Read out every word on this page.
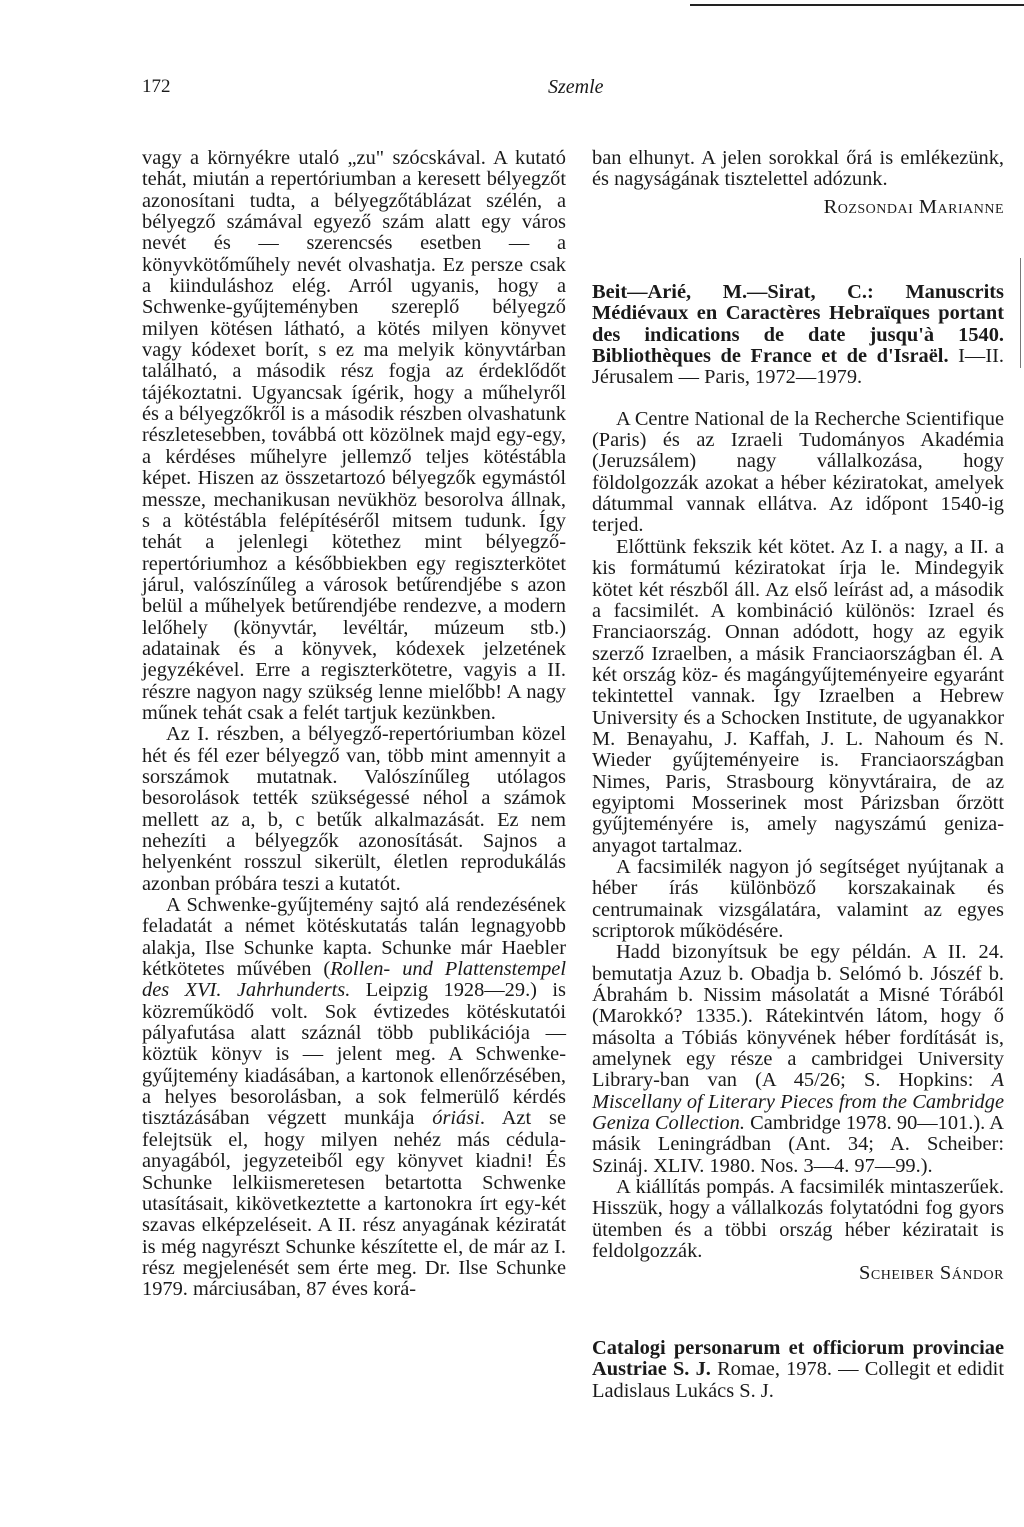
172	Szemle

vagy a környékre utaló „zu" szócskával. A kutató tehát, miután a repertóriumban a keresett bélyegzőt azonosítani tudta, a bélyegzőtáblázat szélén, a bélyegző számával egyező szám alatt egy város nevét és — szerencsés esetben — a könyvkötőműhely nevét olvashatja. Ez persze csak a kiinduláshoz elég. Arról ugyanis, hogy a Schwenke-gyűjteményben szereplő bélyegző milyen kötésen látható, a kötés milyen könyvet vagy kódexet borít, s ez ma melyik könyvtárban található, a második rész fogja az érdeklődőt tájékoztatni. Ugyancsak ígérik, hogy a műhelyről és a bélyegzőkről is a második részben olvashatunk részletesebben, továbbá ott közölnek majd egy-egy, a kérdéses műhelyre jellemző teljes kötéstábla képet. Hiszen az összetartozó bélyegzők egymástól messze, mechanikusan nevükhöz besorolva állnak, s a kötéstábla felépítéséről mitsem tudunk. Így tehát a jelenlegi kötethez mint bélyegző-repertóriumhoz a későbbiekben egy regiszterkötet járul, valószínűleg a városok betűrendjébe s azon belül a műhelyek betűrendjébe rendezve, a modern lelőhely (könyvtár, levéltár, múzeum stb.) adatainak és a könyvek, kódexek jelzetének jegyzékével. Erre a regiszterkötetre, vagyis a II. részre nagyon nagy szükség lenne mielőbb! A nagy műnek tehát csak a felét tartjuk kezünkben.

Az I. részben, a bélyegző-repertóriumban közel hét és fél ezer bélyegző van, több mint amennyit a sorszámok mutatnak. Valószínűleg utólagos besorolások tették szükségessé néhol a számok mellett az a, b, c betűk alkalmazását. Ez nem nehezíti a bélyegzők azonosítását. Sajnos a helyenként rosszul sikerült, életlen reprodukálás azonban próbára teszi a kutatót.

A Schwenke-gyűjtemény sajtó alá rendezésének feladatát a német kötéskutatás talán legnagyobb alakja, Ilse Schunke kapta. Schunke már Haebler kétkötetes művében (Rollen- und Plattenstempel des XVI. Jahrhunderts. Leipzig 1928—29.) is közreműködő volt. Sok évtizedes kötéskutatói pályafutása alatt száznál több publikációja — köztük könyv is — jelent meg. A Schwenke-gyűjtemény kiadásában, a kartonok ellenőrzésében, a helyes besorolásban, a sok felmerülő kérdés tisztázásában végzett munkája óriási. Azt se felejtsük el, hogy milyen nehéz más cédula-anyagából, jegyzeteiből egy könyvet kiadni! És Schunke lelkiismeretesen betartotta Schwenke utasításait, kikövetkeztette a kartonokra írt egy-két szavas elképzeléseit. A II. rész anyagának kéziratát is még nagyrészt Schunke készítette el, de már az I. rész megjelenését sem érte meg. Dr. Ilse Schunke 1979. márciusában, 87 éves korá-

ban elhunyt. A jelen sorokkal őrá is emlékezünk, és nagyságának tisztelettel adózunk.

Rozsondai Marianne

Beit—Arié, M.—Sirat, C.: Manuscrits Médiévaux en Caractères Hebraïques portant des indications de date jusqu'à 1540. Bibliothèques de France et de d'Israël. I—II. Jérusalem — Paris, 1972—1979.

A Centre National de la Recherche Scientifique (Paris) és az Izraeli Tudományos Akadémia (Jeruzsálem) nagy vállalkozása, hogy földolgozzák azokat a héber kéziratokat, amelyek dátummal vannak ellátva. Az időpont 1540-ig terjed.

Előttünk fekszik két kötet. Az I. a nagy, a II. a kis formátumú kéziratokat írja le. Mindegyik kötet két részből áll. Az első leírást ad, a második a facsimilét. A kombináció különös: Izrael és Franciaország. Onnan adódott, hogy az egyik szerző Izraelben, a másik Franciaországban él. A két ország köz- és magángyűjteményeire egyaránt tekintettel vannak. Így Izraelben a Hebrew University és a Schocken Institute, de ugyanakkor M. Benayahu, J. Kaffah, J. L. Nahoum és N. Wieder gyűjteményeire is. Franciaországban Nimes, Paris, Strasbourg könyvtáraira, de az egyiptomi Mosserinek most Párizsban őrzött gyűjteményére is, amely nagyszámú geniza-anyagot tartalmaz.

A facsimilék nagyon jó segítséget nyújtanak a héber írás különböző korszakainak és centrumainak vizsgálatára, valamint az egyes scriptorok működésére.

Hadd bizonyítsuk be egy példán. A II. 24. bemutatja Azuz b. Obadja b. Selómó b. Jószéf b. Ábrahám b. Nissim másolatát a Misné Tórából (Marokkó? 1335.). Rátekintvén látom, hogy ő másolta a Tóbiás könyvének héber fordítását is, amelynek egy része a cambridgei University Library-ban van (A 45/26; S. Hopkins: A Miscellany of Literary Pieces from the Cambridge Geniza Collection. Cambridge 1978. 90—101.). A másik Leningrádban (Ant. 34; A. Scheiber: Szináj. XLIV. 1980. Nos. 3—4. 97—99.).

A kiállítás pompás. A facsimilék mintaszerűek. Hisszük, hogy a vállalkozás folytatódni fog gyors ütemben és a többi ország héber kéziratait is feldolgozzák.

Scheiber Sándor

Catalogi personarum et officiorum provinciae Austriae S. J. Romae, 1978. — Collegit et edidit Ladislaus Lukács S. J.
